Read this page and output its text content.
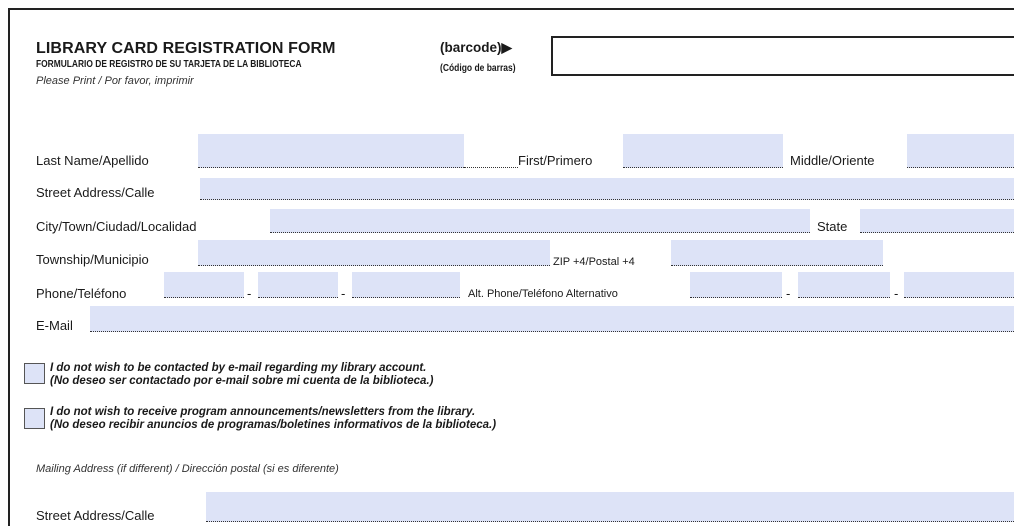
LIBRARY CARD REGISTRATION FORM
FORMULARIO DE REGISTRO DE SU TARJETA DE LA BIBLIOTECA
Please Print / Por favor, imprimir
(barcode)▶
(Código de barras)
Last Name/Apellido	First/Primero	Middle/Oriente
Street Address/Calle
City/Town/Ciudad/Localidad	State
Township/Municipio	ZIP +4/Postal +4
Phone/Teléfono	-	-	Alt. Phone/Teléfono Alternativo	-	-
E-Mail
I do not wish to be contacted by e-mail regarding my library account.
(No deseo ser contactado por e-mail sobre mi cuenta de la biblioteca.)
I do not wish to receive program announcements/newsletters from the library.
(No deseo recibir anuncios de programas/boletines informativos de la biblioteca.)
Mailing Address (if different) / Dirección postal (si es diferente)
Street Address/Calle
